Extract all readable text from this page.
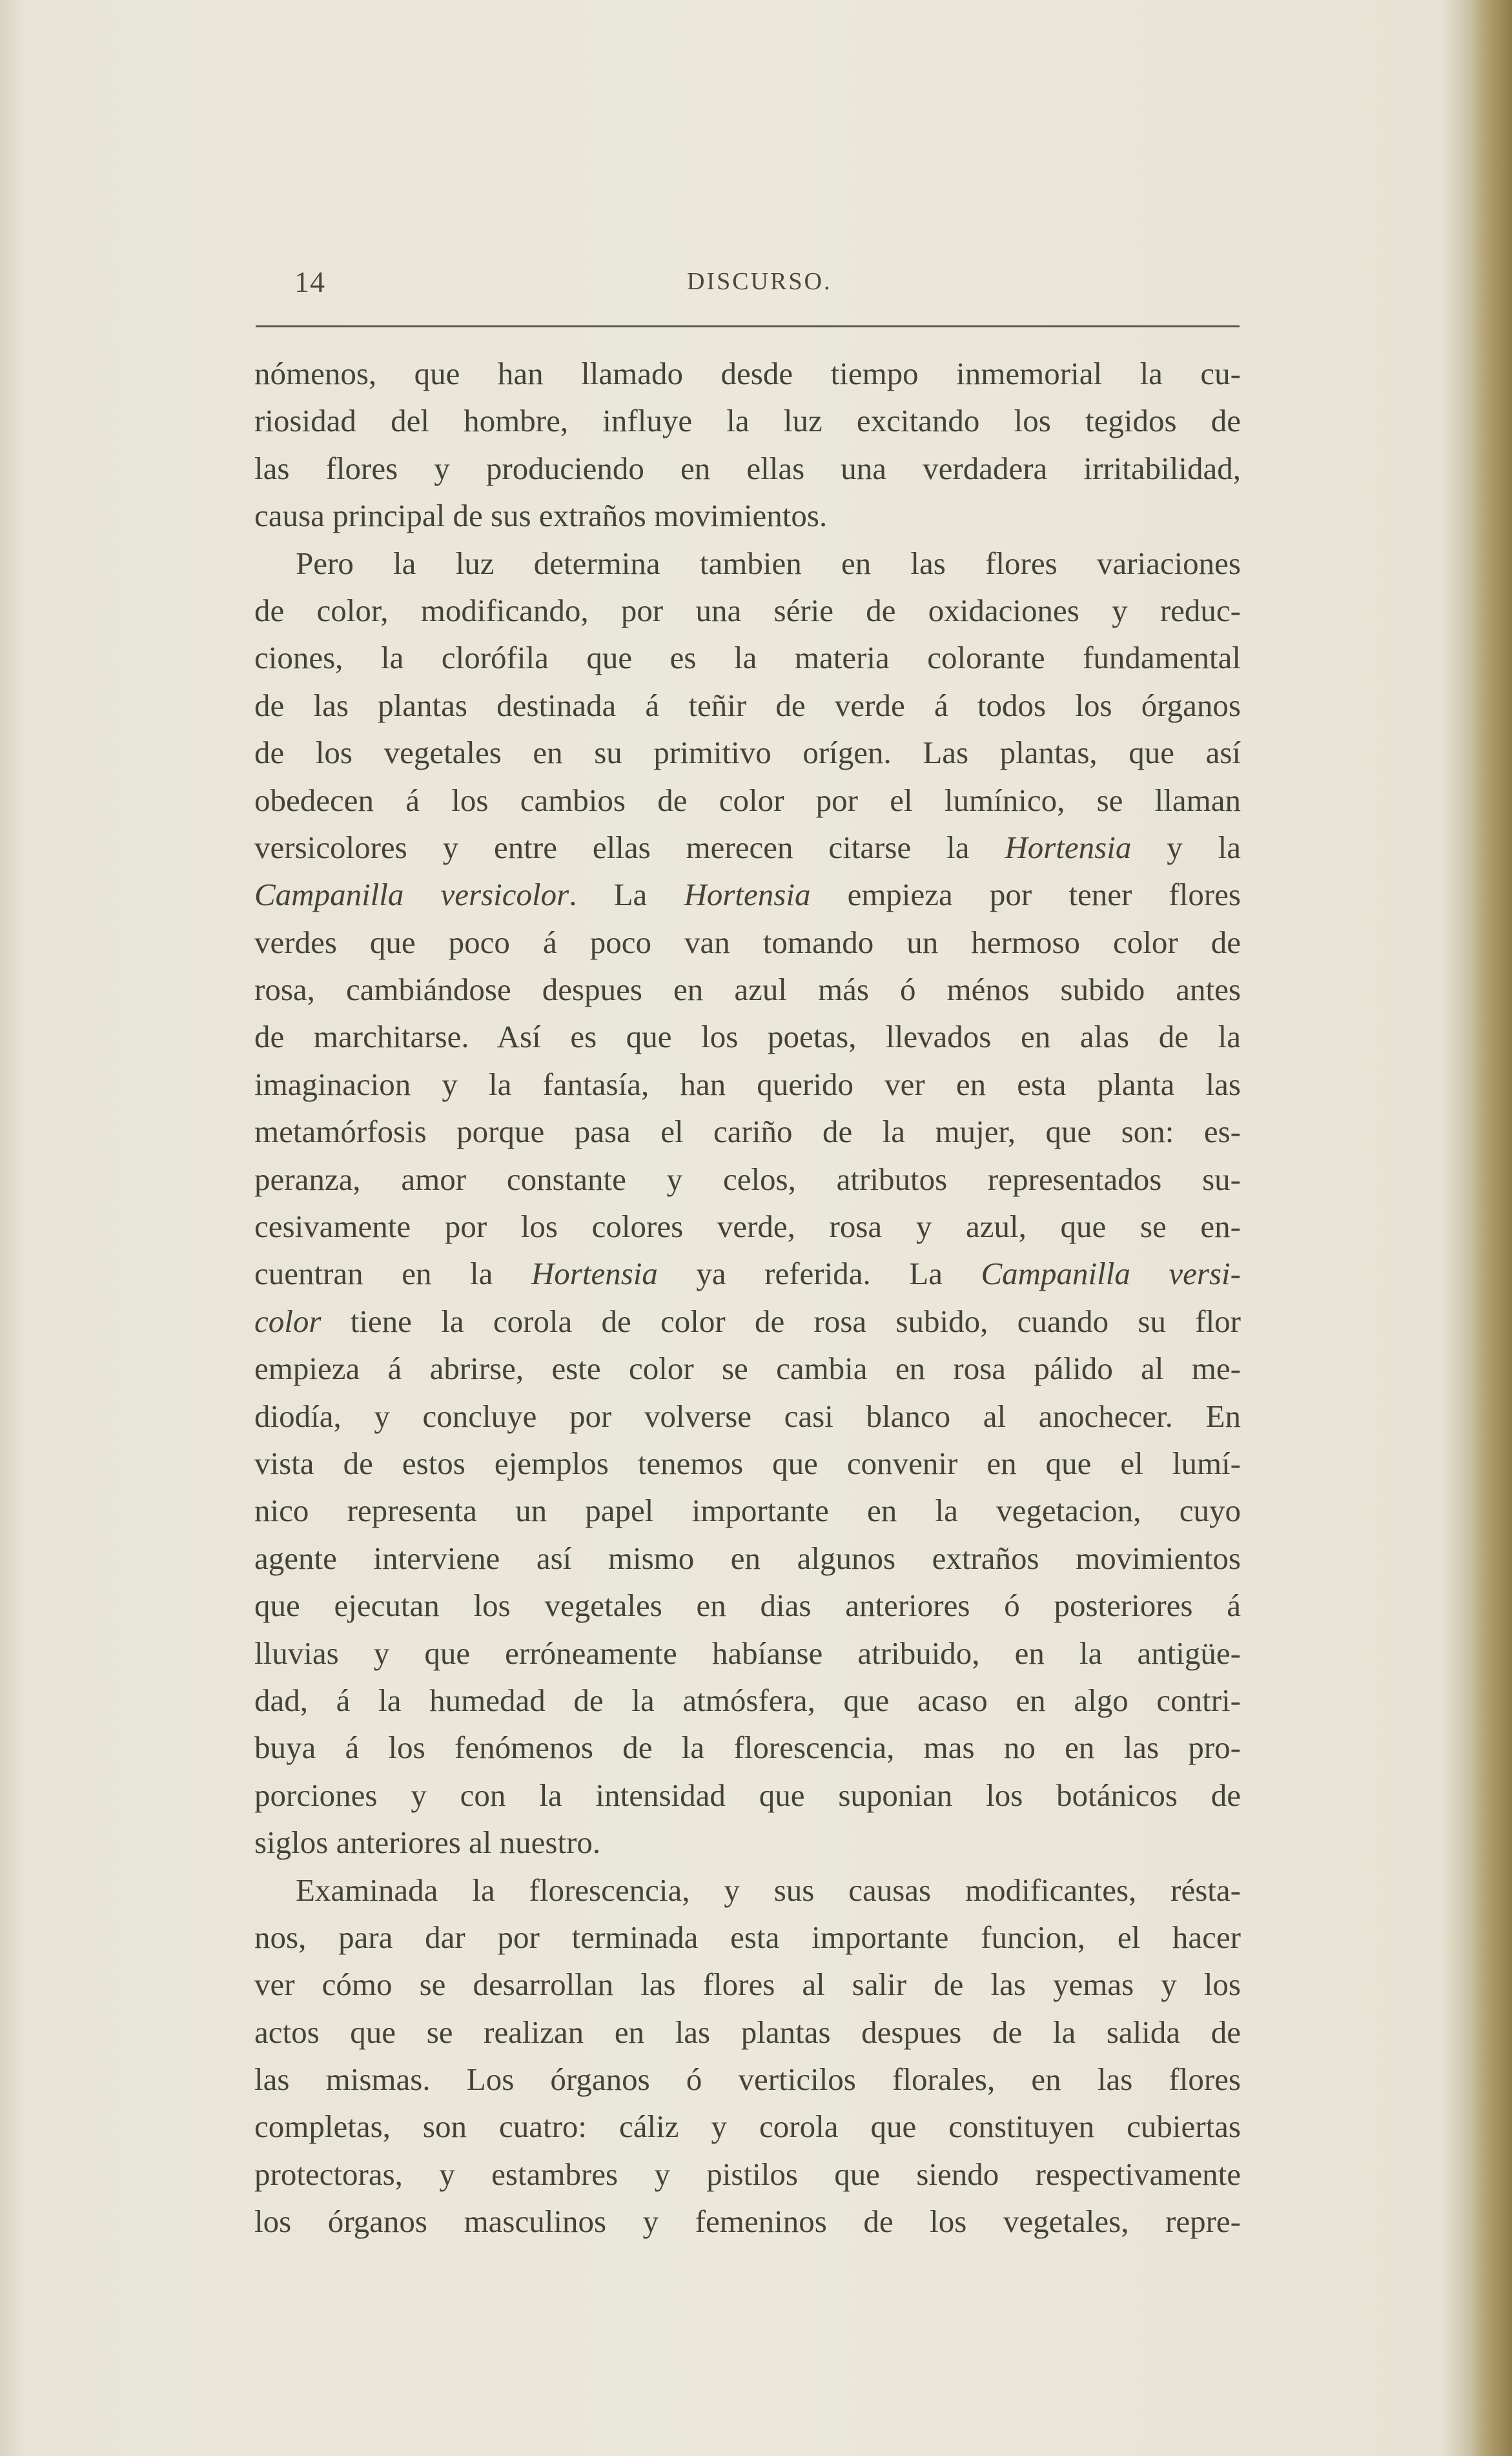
14	DISCURSO.
nómenos, que han llamado desde tiempo inmemorial la cu-
riosidad del hombre, influye la luz excitando los tegidos de
las flores y produciendo en ellas una verdadera irritabilidad,
causa principal de sus extraños movimientos.
Pero la luz determina tambien en las flores variaciones
de color, modificando, por una série de oxidaciones y reduc-
ciones, la clorófila que es la materia colorante fundamental
de las plantas destinada á teñir de verde á todos los órganos
de los vegetales en su primitivo orígen. Las plantas, que así
obedecen á los cambios de color por el lumínico, se llaman
versicolores y entre ellas merecen citarse la Hortensia y la
Campanilla versicolor. La Hortensia empieza por tener flores
verdes que poco á poco van tomando un hermoso color de
rosa, cambiándose despues en azul más ó ménos subido antes
de marchitarse. Así es que los poetas, llevados en alas de la
imaginacion y la fantasía, han querido ver en esta planta las
metamórfosis porque pasa el cariño de la mujer, que son: es-
peranza, amor constante y celos, atributos representados su-
cesivamente por los colores verde, rosa y azul, que se en-
cuentran en la Hortensia ya referida. La Campanilla versi-
color tiene la corola de color de rosa subido, cuando su flor
empieza á abrirse, este color se cambia en rosa pálido al me-
diodía, y concluye por volverse casi blanco al anochecer. En
vista de estos ejemplos tenemos que convenir en que el lumí-
nico representa un papel importante en la vegetacion, cuyo
agente interviene así mismo en algunos extraños movimientos
que ejecutan los vegetales en dias anteriores ó posteriores á
lluvias y que erróneamente habíanse atribuido, en la antigüe-
dad, á la humedad de la atmósfera, que acaso en algo contri-
buya á los fenómenos de la florescencia, mas no en las pro-
porciones y con la intensidad que suponian los botánicos de
siglos anteriores al nuestro.
Examinada la florescencia, y sus causas modificantes, résta-
nos, para dar por terminada esta importante funcion, el hacer
ver cómo se desarrollan las flores al salir de las yemas y los
actos que se realizan en las plantas despues de la salida de
las mismas. Los órganos ó verticilos florales, en las flores
completas, son cuatro: cáliz y corola que constituyen cubiertas
protectoras, y estambres y pistilos que siendo respectivamente
los órganos masculinos y femeninos de los vegetales, repre-
